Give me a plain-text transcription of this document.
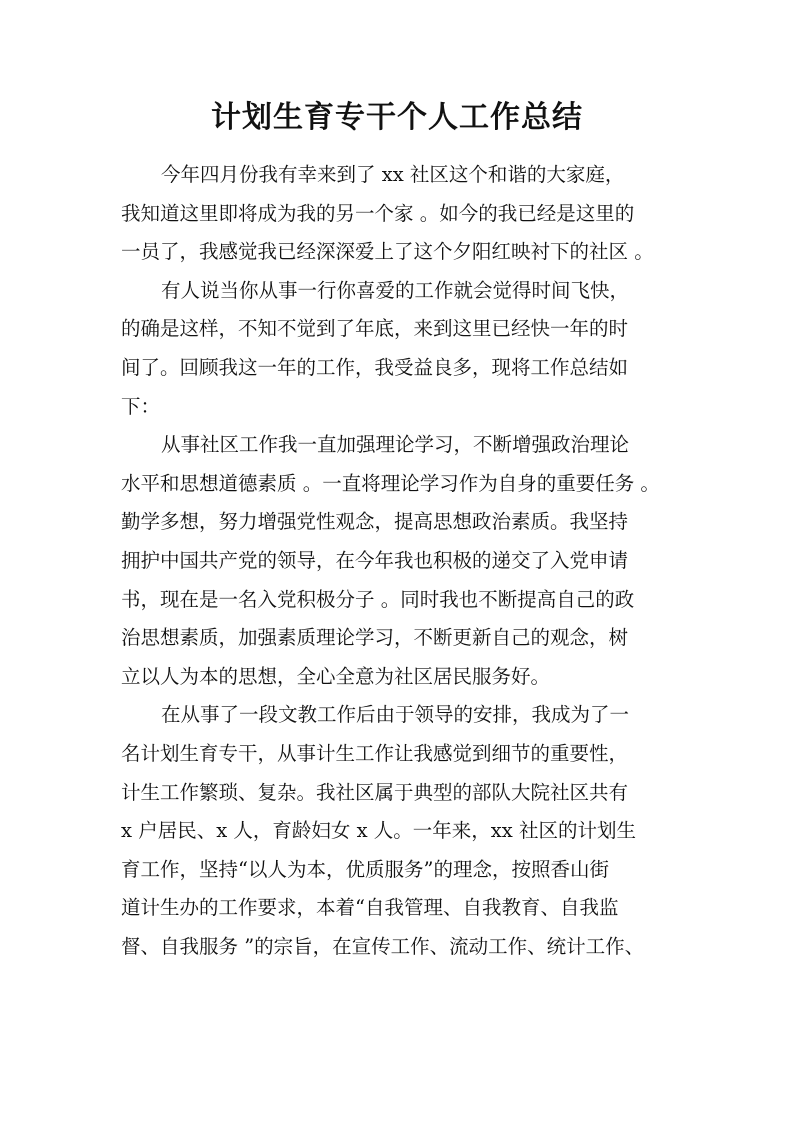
计划生育专干个人工作总结
今年四月份我有幸来到了 xx 社区这个和谐的大家庭，
我知道这里即将成为我的另一个家 。如今的我已经是这里的
一员了，我感觉我已经深深爱上了这个夕阳红映衬下的社区 。
有人说当你从事一行你喜爱的工作就会觉得时间飞快，
的确是这样，不知不觉到了年底，来到这里已经快一年的时
间了。回顾我这一年的工作，我受益良多，现将工作总结如
下：
从事社区工作我一直加强理论学习，不断增强政治理论
水平和思想道德素质 。一直将理论学习作为自身的重要任务 。
勤学多想，努力增强党性观念，提高思想政治素质。我坚持
拥护中国共产党的领导，在今年我也积极的递交了入党申请
书，现在是一名入党积极分子 。同时我也不断提高自己的政
治思想素质，加强素质理论学习，不断更新自己的观念，树
立以人为本的思想，全心全意为社区居民服务好。
在从事了一段文教工作后由于领导的安排，我成为了一
名计划生育专干，从事计生工作让我感觉到细节的重要性，
计生工作繁琐、复杂。我社区属于典型的部队大院社区共有
x 户居民、x 人，育龄妇女 x 人。一年来，xx 社区的计划生
育工作，坚持“以人为本，优质服务”的理念，按照香山街
道计生办的工作要求，本着“自我管理、自我教育、自我监
督、自我服务 ”的宗旨，在宣传工作、流动工作、统计工作、
